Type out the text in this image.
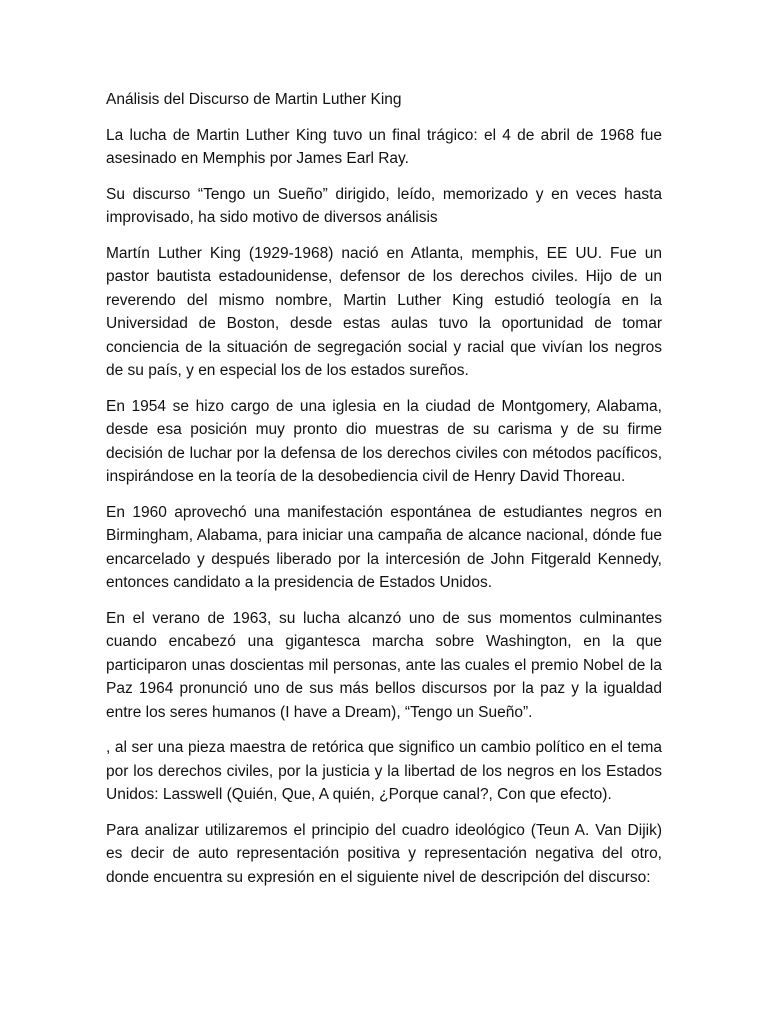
Análisis del Discurso de Martin Luther King

La lucha de Martin Luther King tuvo un final trágico: el 4 de abril de 1968 fue asesinado en Memphis por James Earl Ray.

Su discurso “Tengo un Sueño” dirigido, leído, memorizado y en veces hasta improvisado, ha sido motivo de diversos análisis

Martín Luther King (1929-1968) nació en Atlanta, memphis, EE UU. Fue un pastor bautista estadounidense, defensor de los derechos civiles. Hijo de un reverendo del mismo nombre, Martin Luther King estudió teología en la Universidad de Boston, desde estas aulas tuvo la oportunidad de tomar conciencia de la situación de segregación social y racial que vivían los negros de su país, y en especial los de los estados sureños.

En 1954 se hizo cargo de una iglesia en la ciudad de Montgomery, Alabama, desde esa posición muy pronto dio muestras de su carisma y de su firme decisión de luchar por la defensa de los derechos civiles con métodos pacíficos, inspirándose en la teoría de la desobediencia civil de Henry David Thoreau.

En 1960 aprovechó una manifestación espontánea de estudiantes negros en Birmingham, Alabama, para iniciar una campaña de alcance nacional, dónde fue encarcelado y después liberado por la intercesión de John Fitgerald Kennedy, entonces candidato a la presidencia de Estados Unidos.

En el verano de 1963, su lucha alcanzó uno de sus momentos culminantes cuando encabezó una gigantesca marcha sobre Washington, en la que participaron unas doscientas mil personas, ante las cuales el premio Nobel de la Paz 1964 pronunció uno de sus más bellos discursos por la paz y la igualdad entre los seres humanos (I have a Dream), “Tengo un Sueño”.

, al ser una pieza maestra de retórica que significo un cambio político en el tema por los derechos civiles, por la justicia y la libertad de los negros en los Estados Unidos: Lasswell (Quién, Que, A quién, ¿Porque canal?, Con que efecto).

Para analizar utilizaremos el principio del cuadro ideológico (Teun A. Van Dijik) es decir de auto representación positiva y representación negativa del otro, donde encuentra su expresión en el siguiente nivel de descripción del discurso:
